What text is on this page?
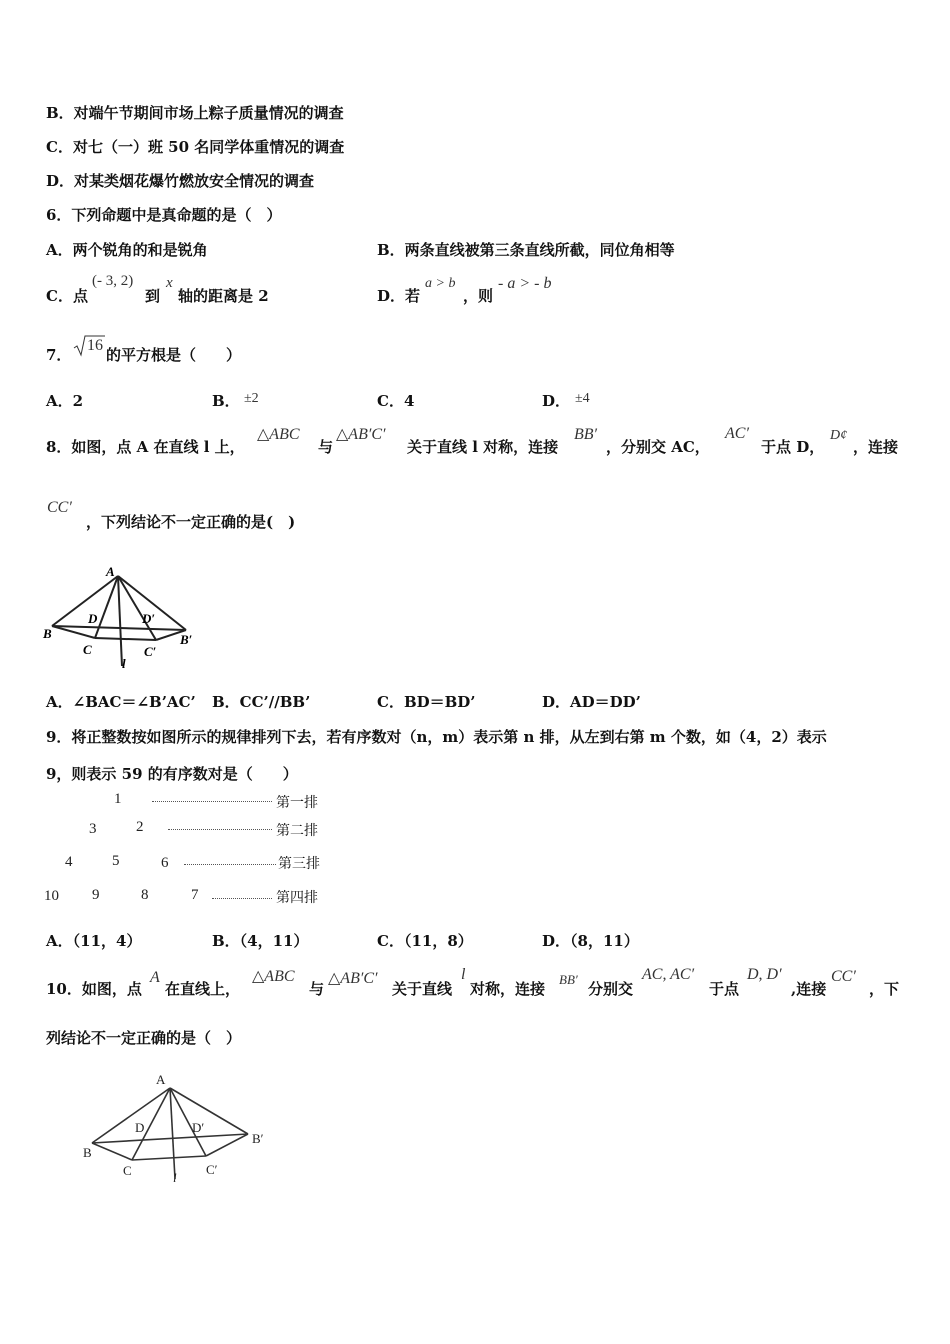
B．对端午节期间市场上粽子质量情况的调查
C．对七（一）班 50 名同学体重情况的调查
D．对某类烟花爆竹燃放安全情况的调查
6．下列命题中是真命题的是（　）
A．两个锐角的和是锐角	B．两条直线被第三条直线所截，同位角相等
C．点
(- 3, 2)
到
x
轴的距离是 2	D．若
a > b
，则
- a > - b
7．
16
的平方根是（　　）
A．2	B． ±2	C．4	D． ±4
8．如图，点 A 在直线 l 上，
△ABC
与
△AB′C′
关于直线 l 对称，连接
BB′
，分别交 AC，
AC′
于点 D，
D¢
，连接
CC′
，下列结论不一定正确的是(　)
A
B
D	D′
C	C′
B′
l
A．∠BAC＝∠B’AC’ B．CC’//BB’	C．BD＝BD’	D．AD＝DD’
9．将正整数按如图所示的规律排列下去，若有序数对（n，m）表示第 n 排，从左到右第 m 个数，如（4，2）表示
9，则表示 59 的有序数对是（　　）
1	第一排
3	2	第二排
4	5	6	第三排
10 9	8	7	第四排
A．（11，4）	B．（4，11）	C．（11，8）	D．（8，11）
10．如图，点
A
在直线上，
△ABC
与
△AB′C′
关于直线
l
对称，连接
BB′
分别交
AC, AC′
于点
D, D′
,连接
CC′
，下
列结论不一定正确的是（　）
A
B
D	D′
C	C′
B′
l
